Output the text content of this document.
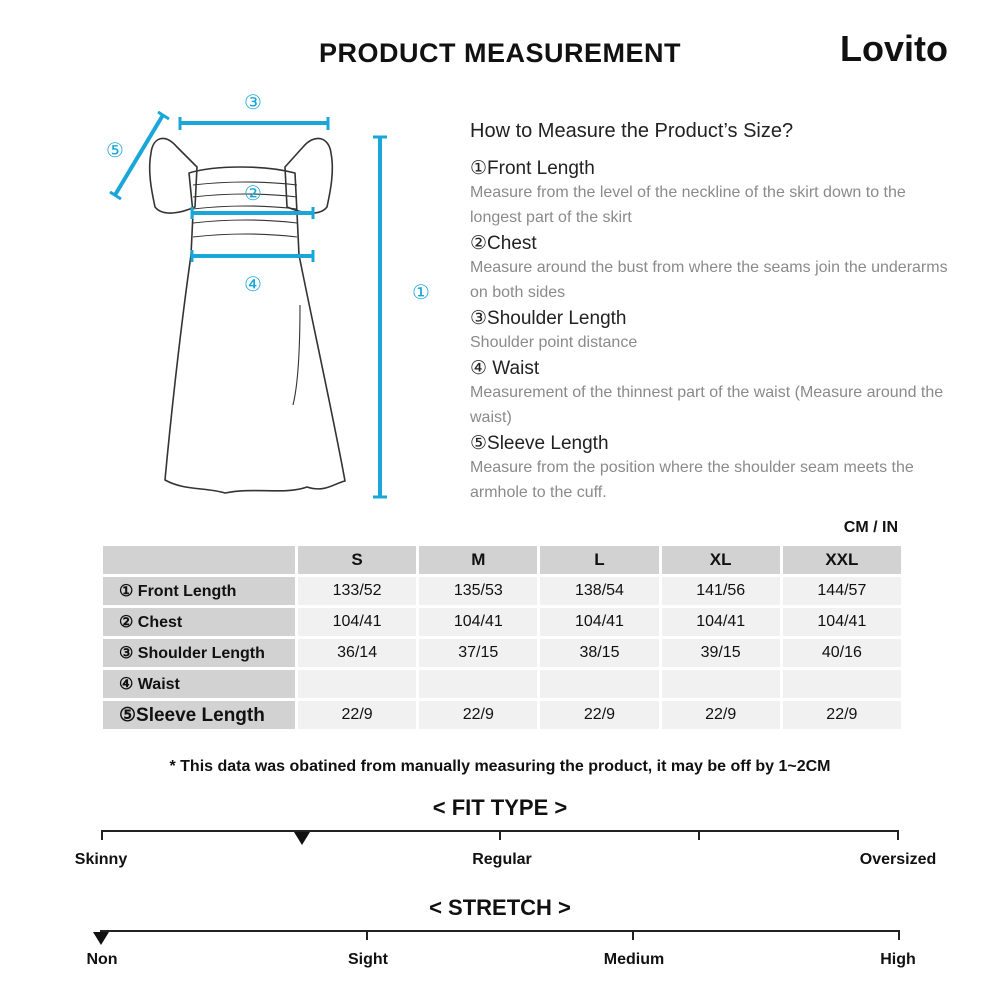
PRODUCT MEASUREMENT	Lovito
③
⑤
②
④	①
How to Measure the Product’s Size?
①Front Length
Measure from the level of the neckline of the skirt down to the longest part of the skirt
②Chest
Measure around the bust from where the seams join the underarms on both sides
③Shoulder Length
Shoulder point distance
④ Waist
Measurement of the thinnest part of the waist (Measure around the waist)
⑤Sleeve Length
Measure from the position where the shoulder seam meets the armhole to the cuff.
CM / IN
	S	M	L	XL	XXL
① Front Length	133/52	135/53	138/54	141/56	144/57
② Chest	104/41	104/41	104/41	104/41	104/41
③ Shoulder Length	36/14	37/15	38/15	39/15	40/16
④ Waist					
⑤Sleeve Length	22/9	22/9	22/9	22/9	22/9
* This data was obatined from manually measuring the product, it may be off by 1~2CM
< FIT TYPE >
Skinny	Regular	Oversized
< STRETCH >
Non	Sight	Medium	High
